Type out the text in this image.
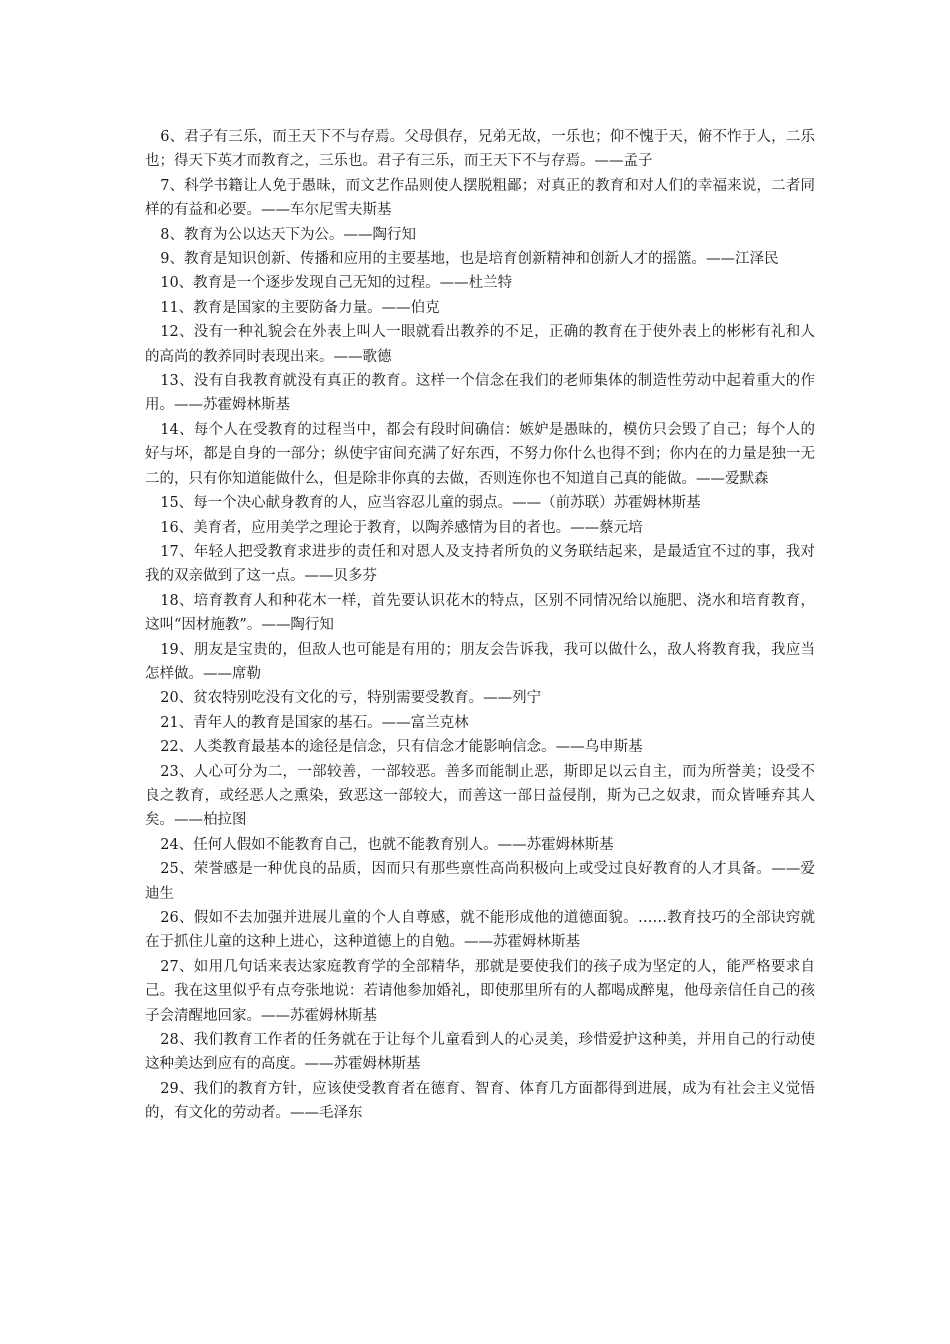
6、君子有三乐，而王天下不与存焉。父母俱存，兄弟无故，一乐也；仰不愧于天，俯不怍于人，二乐也；得天下英才而教育之，三乐也。君子有三乐，而王天下不与存焉。——孟子

7、科学书籍让人免于愚昧，而文艺作品则使人摆脱粗鄙；对真正的教育和对人们的幸福来说，二者同样的有益和必要。——车尔尼雪夫斯基

8、教育为公以达天下为公。——陶行知

9、教育是知识创新、传播和应用的主要基地，也是培育创新精神和创新人才的摇篮。——江泽民

10、教育是一个逐步发现自己无知的过程。——杜兰特

11、教育是国家的主要防备力量。——伯克

12、没有一种礼貌会在外表上叫人一眼就看出教养的不足，正确的教育在于使外表上的彬彬有礼和人的高尚的教养同时表现出来。——歌德

13、没有自我教育就没有真正的教育。这样一个信念在我们的老师集体的制造性劳动中起着重大的作用。——苏霍姆林斯基

14、每个人在受教育的过程当中，都会有段时间确信：嫉妒是愚昧的，模仿只会毁了自己；每个人的好与坏，都是自身的一部分；纵使宇宙间充满了好东西，不努力你什么也得不到；你内在的力量是独一无二的，只有你知道能做什么，但是除非你真的去做，否则连你也不知道自己真的能做。——爱默森

15、每一个决心献身教育的人，应当容忍儿童的弱点。——（前苏联）苏霍姆林斯基

16、美育者，应用美学之理论于教育，以陶养感情为目的者也。——蔡元培

17、年轻人把受教育求进步的责任和对恩人及支持者所负的义务联结起来，是最适宜不过的事，我对我的双亲做到了这一点。——贝多芬

18、培育教育人和种花木一样，首先要认识花木的特点，区别不同情况给以施肥、浇水和培育教育，这叫“因材施教”。——陶行知

19、朋友是宝贵的，但敌人也可能是有用的；朋友会告诉我，我可以做什么，敌人将教育我，我应当怎样做。——席勒

20、贫农特别吃没有文化的亏，特别需要受教育。——列宁

21、青年人的教育是国家的基石。——富兰克林

22、人类教育最基本的途径是信念，只有信念才能影响信念。——乌申斯基

23、人心可分为二，一部较善，一部较恶。善多而能制止恶，斯即足以云自主，而为所誉美；设受不良之教育，或经恶人之熏染，致恶这一部较大，而善这一部日益侵削，斯为己之奴隶，而众皆唾弃其人矣。——柏拉图

24、任何人假如不能教育自己，也就不能教育别人。——苏霍姆林斯基

25、荣誉感是一种优良的品质，因而只有那些禀性高尚积极向上或受过良好教育的人才具备。——爱迪生

26、假如不去加强并进展儿童的个人自尊感，就不能形成他的道德面貌。……教育技巧的全部诀窍就在于抓住儿童的这种上进心，这种道德上的自勉。——苏霍姆林斯基

27、如用几句话来表达家庭教育学的全部精华，那就是要使我们的孩子成为坚定的人，能严格要求自己。我在这里似乎有点夸张地说：若请他参加婚礼，即使那里所有的人都喝成醉鬼，他母亲信任自己的孩子会清醒地回家。——苏霍姆林斯基

28、我们教育工作者的任务就在于让每个儿童看到人的心灵美，珍惜爱护这种美，并用自己的行动使这种美达到应有的高度。——苏霍姆林斯基

29、我们的教育方针，应该使受教育者在德育、智育、体育几方面都得到进展，成为有社会主义觉悟的，有文化的劳动者。——毛泽东
